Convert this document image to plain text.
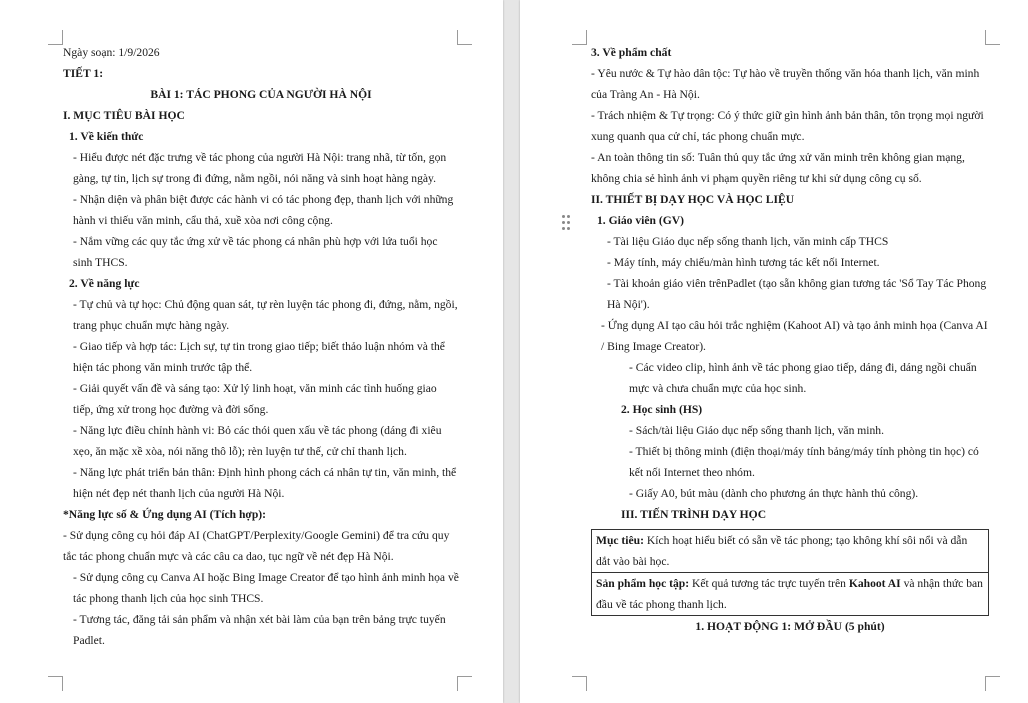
Ngày soạn: 1/9/2026

TIẾT 1:

BÀI 1: TÁC PHONG CỦA NGƯỜI HÀ NỘI

I. MỤC TIÊU BÀI HỌC

1. Về kiến thức

- Hiểu được nét đặc trưng về tác phong của người Hà Nội: trang nhã, từ tốn, gọn gàng, tự tin, lịch sự trong đi đứng, nằm ngồi, nói năng và sinh hoạt hàng ngày.

- Nhận diện và phân biệt được các hành vi có tác phong đẹp, thanh lịch với những hành vi thiếu văn minh, cẩu thả, xuề xòa nơi công cộng.

- Nắm vững các quy tắc ứng xử về tác phong cá nhân phù hợp với lứa tuổi học sinh THCS.

2. Về năng lực

- Tự chủ và tự học: Chủ động quan sát, tự rèn luyện tác phong đi, đứng, nằm, ngồi, trang phục chuẩn mực hàng ngày.

- Giao tiếp và hợp tác: Lịch sự, tự tin trong giao tiếp; biết thảo luận nhóm và thể hiện tác phong văn minh trước tập thể.

- Giải quyết vấn đề và sáng tạo: Xử lý linh hoạt, văn minh các tình huống giao tiếp, ứng xử trong học đường và đời sống.

- Năng lực điều chỉnh hành vi: Bỏ các thói quen xấu về tác phong (dáng đi xiêu xẹo, ăn mặc xề xòa, nói năng thô lỗ); rèn luyện tư thế, cử chỉ thanh lịch.

- Năng lực phát triển bản thân: Định hình phong cách cá nhân tự tin, văn minh, thể hiện nét đẹp nét thanh lịch của người Hà Nội.

*Năng lực số & Ứng dụng AI (Tích hợp):

- Sử dụng công cụ hỏi đáp AI (ChatGPT/Perplexity/Google Gemini) để tra cứu quy tắc tác phong chuẩn mực và các câu ca dao, tục ngữ về nét đẹp Hà Nội.

- Sử dụng công cụ Canva AI hoặc Bing Image Creator để tạo hình ảnh minh họa về tác phong thanh lịch của học sinh THCS.

- Tương tác, đăng tải sản phẩm và nhận xét bài làm của bạn trên bảng trực tuyến Padlet.

3. Về phẩm chất

- Yêu nước & Tự hào dân tộc: Tự hào về truyền thống văn hóa thanh lịch, văn minh của Tràng An - Hà Nội.

- Trách nhiệm & Tự trọng: Có ý thức giữ gìn hình ảnh bản thân, tôn trọng mọi người xung quanh qua cử chỉ, tác phong chuẩn mực.

- An toàn thông tin số: Tuân thủ quy tắc ứng xử văn minh trên không gian mạng, không chia sẻ hình ảnh vi phạm quyền riêng tư khi sử dụng công cụ số.

II. THIẾT BỊ DẠY HỌC VÀ HỌC LIỆU

1. Giáo viên (GV)

- Tài liệu Giáo dục nếp sống thanh lịch, văn minh cấp THCS

- Máy tính, máy chiếu/màn hình tương tác kết nối Internet.

- Tài khoản giáo viên trênPadlet (tạo sẵn không gian tương tác 'Sổ Tay Tác Phong Hà Nội').

- Ứng dụng AI tạo câu hỏi trắc nghiệm (Kahoot AI) và tạo ảnh minh họa (Canva AI / Bing Image Creator).

- Các video clip, hình ảnh về tác phong giao tiếp, dáng đi, dáng ngồi chuẩn mực và chưa chuẩn mực của học sinh.

2. Học sinh (HS)

- Sách/tài liệu Giáo dục nếp sống thanh lịch, văn minh.

- Thiết bị thông minh (điện thoại/máy tính bảng/máy tính phòng tin học) có kết nối Internet theo nhóm.

- Giấy A0, bút màu (dành cho phương án thực hành thủ công).

III. TIẾN TRÌNH DẠY HỌC

Mục tiêu: Kích hoạt hiểu biết có sẵn về tác phong; tạo không khí sôi nổi và dẫn dắt vào bài học.
Sản phẩm học tập: Kết quả tương tác trực tuyến trên Kahoot AI và nhận thức ban đầu về tác phong thanh lịch.

1. HOẠT ĐỘNG 1: MỞ ĐẦU (5 phút)
